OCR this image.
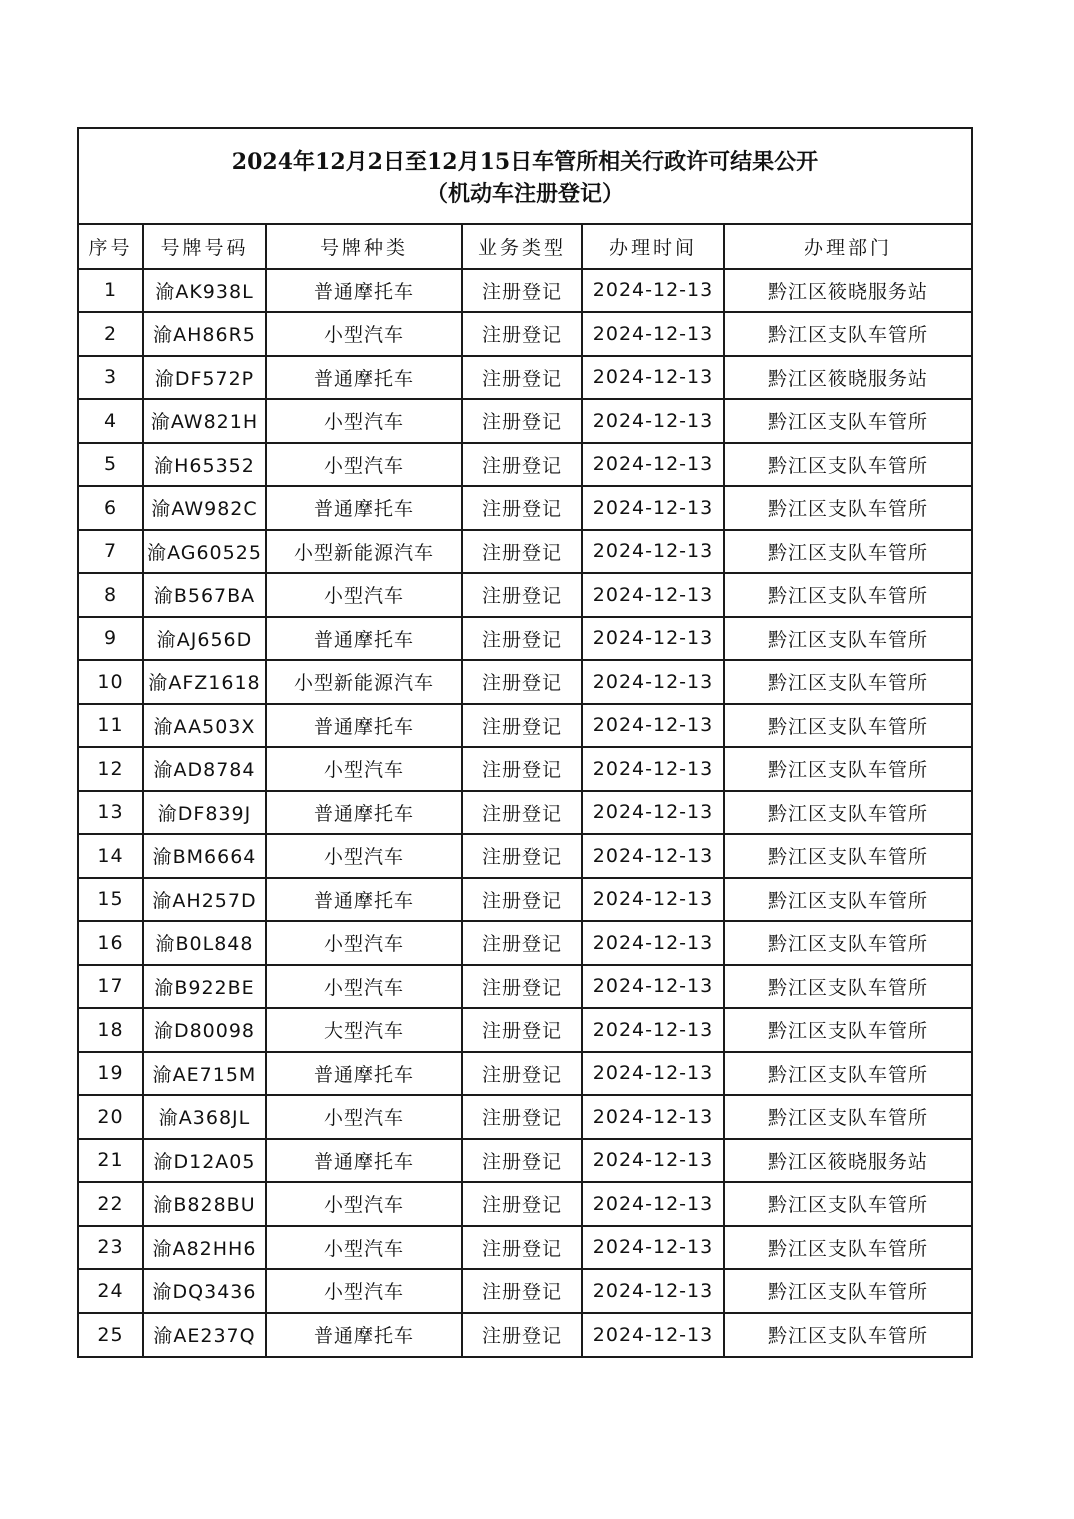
2024年12月2日至12月15日车管所相关行政许可结果公开
（机动车注册登记）
序号	号牌号码	号牌种类	业务类型	办理时间	办理部门
1	渝AK938L	普通摩托车	注册登记	2024-12-13	黔江区筱晓服务站
2	渝AH86R5	小型汽车	注册登记	2024-12-13	黔江区支队车管所
3	渝DF572P	普通摩托车	注册登记	2024-12-13	黔江区筱晓服务站
4	渝AW821H	小型汽车	注册登记	2024-12-13	黔江区支队车管所
5	渝H65352	小型汽车	注册登记	2024-12-13	黔江区支队车管所
6	渝AW982C	普通摩托车	注册登记	2024-12-13	黔江区支队车管所
7	渝AG60525	小型新能源汽车	注册登记	2024-12-13	黔江区支队车管所
8	渝B567BA	小型汽车	注册登记	2024-12-13	黔江区支队车管所
9	渝AJ656D	普通摩托车	注册登记	2024-12-13	黔江区支队车管所
10	渝AFZ1618	小型新能源汽车	注册登记	2024-12-13	黔江区支队车管所
11	渝AA503X	普通摩托车	注册登记	2024-12-13	黔江区支队车管所
12	渝AD8784	小型汽车	注册登记	2024-12-13	黔江区支队车管所
13	渝DF839J	普通摩托车	注册登记	2024-12-13	黔江区支队车管所
14	渝BM6664	小型汽车	注册登记	2024-12-13	黔江区支队车管所
15	渝AH257D	普通摩托车	注册登记	2024-12-13	黔江区支队车管所
16	渝B0L848	小型汽车	注册登记	2024-12-13	黔江区支队车管所
17	渝B922BE	小型汽车	注册登记	2024-12-13	黔江区支队车管所
18	渝D80098	大型汽车	注册登记	2024-12-13	黔江区支队车管所
19	渝AE715M	普通摩托车	注册登记	2024-12-13	黔江区支队车管所
20	渝A368JL	小型汽车	注册登记	2024-12-13	黔江区支队车管所
21	渝D12A05	普通摩托车	注册登记	2024-12-13	黔江区筱晓服务站
22	渝B828BU	小型汽车	注册登记	2024-12-13	黔江区支队车管所
23	渝A82HH6	小型汽车	注册登记	2024-12-13	黔江区支队车管所
24	渝DQ3436	小型汽车	注册登记	2024-12-13	黔江区支队车管所
25	渝AE237Q	普通摩托车	注册登记	2024-12-13	黔江区支队车管所
